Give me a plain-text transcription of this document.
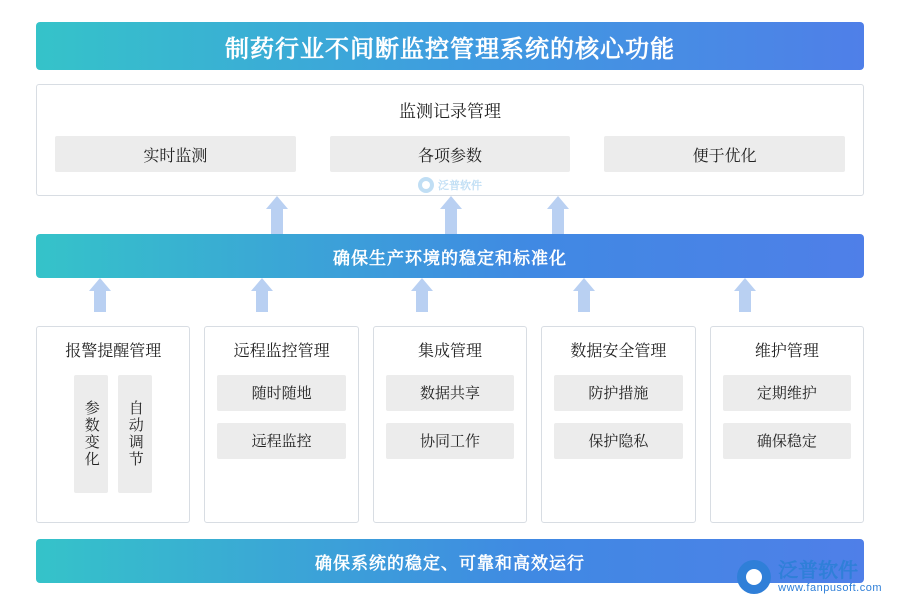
制药行业不间断监控管理系统的核心功能
监测记录管理
实时监测	各项参数	便于优化
泛普软件
确保生产环境的稳定和标准化
报警提醒管理
参数变化	自动调节
远程监控管理
随时随地
远程监控
集成管理
数据共享
协同工作
数据安全管理
防护措施
保护隐私
维护管理
定期维护
确保稳定
确保系统的稳定、可靠和高效运行	泛普软件
www.fanpusoft.com
